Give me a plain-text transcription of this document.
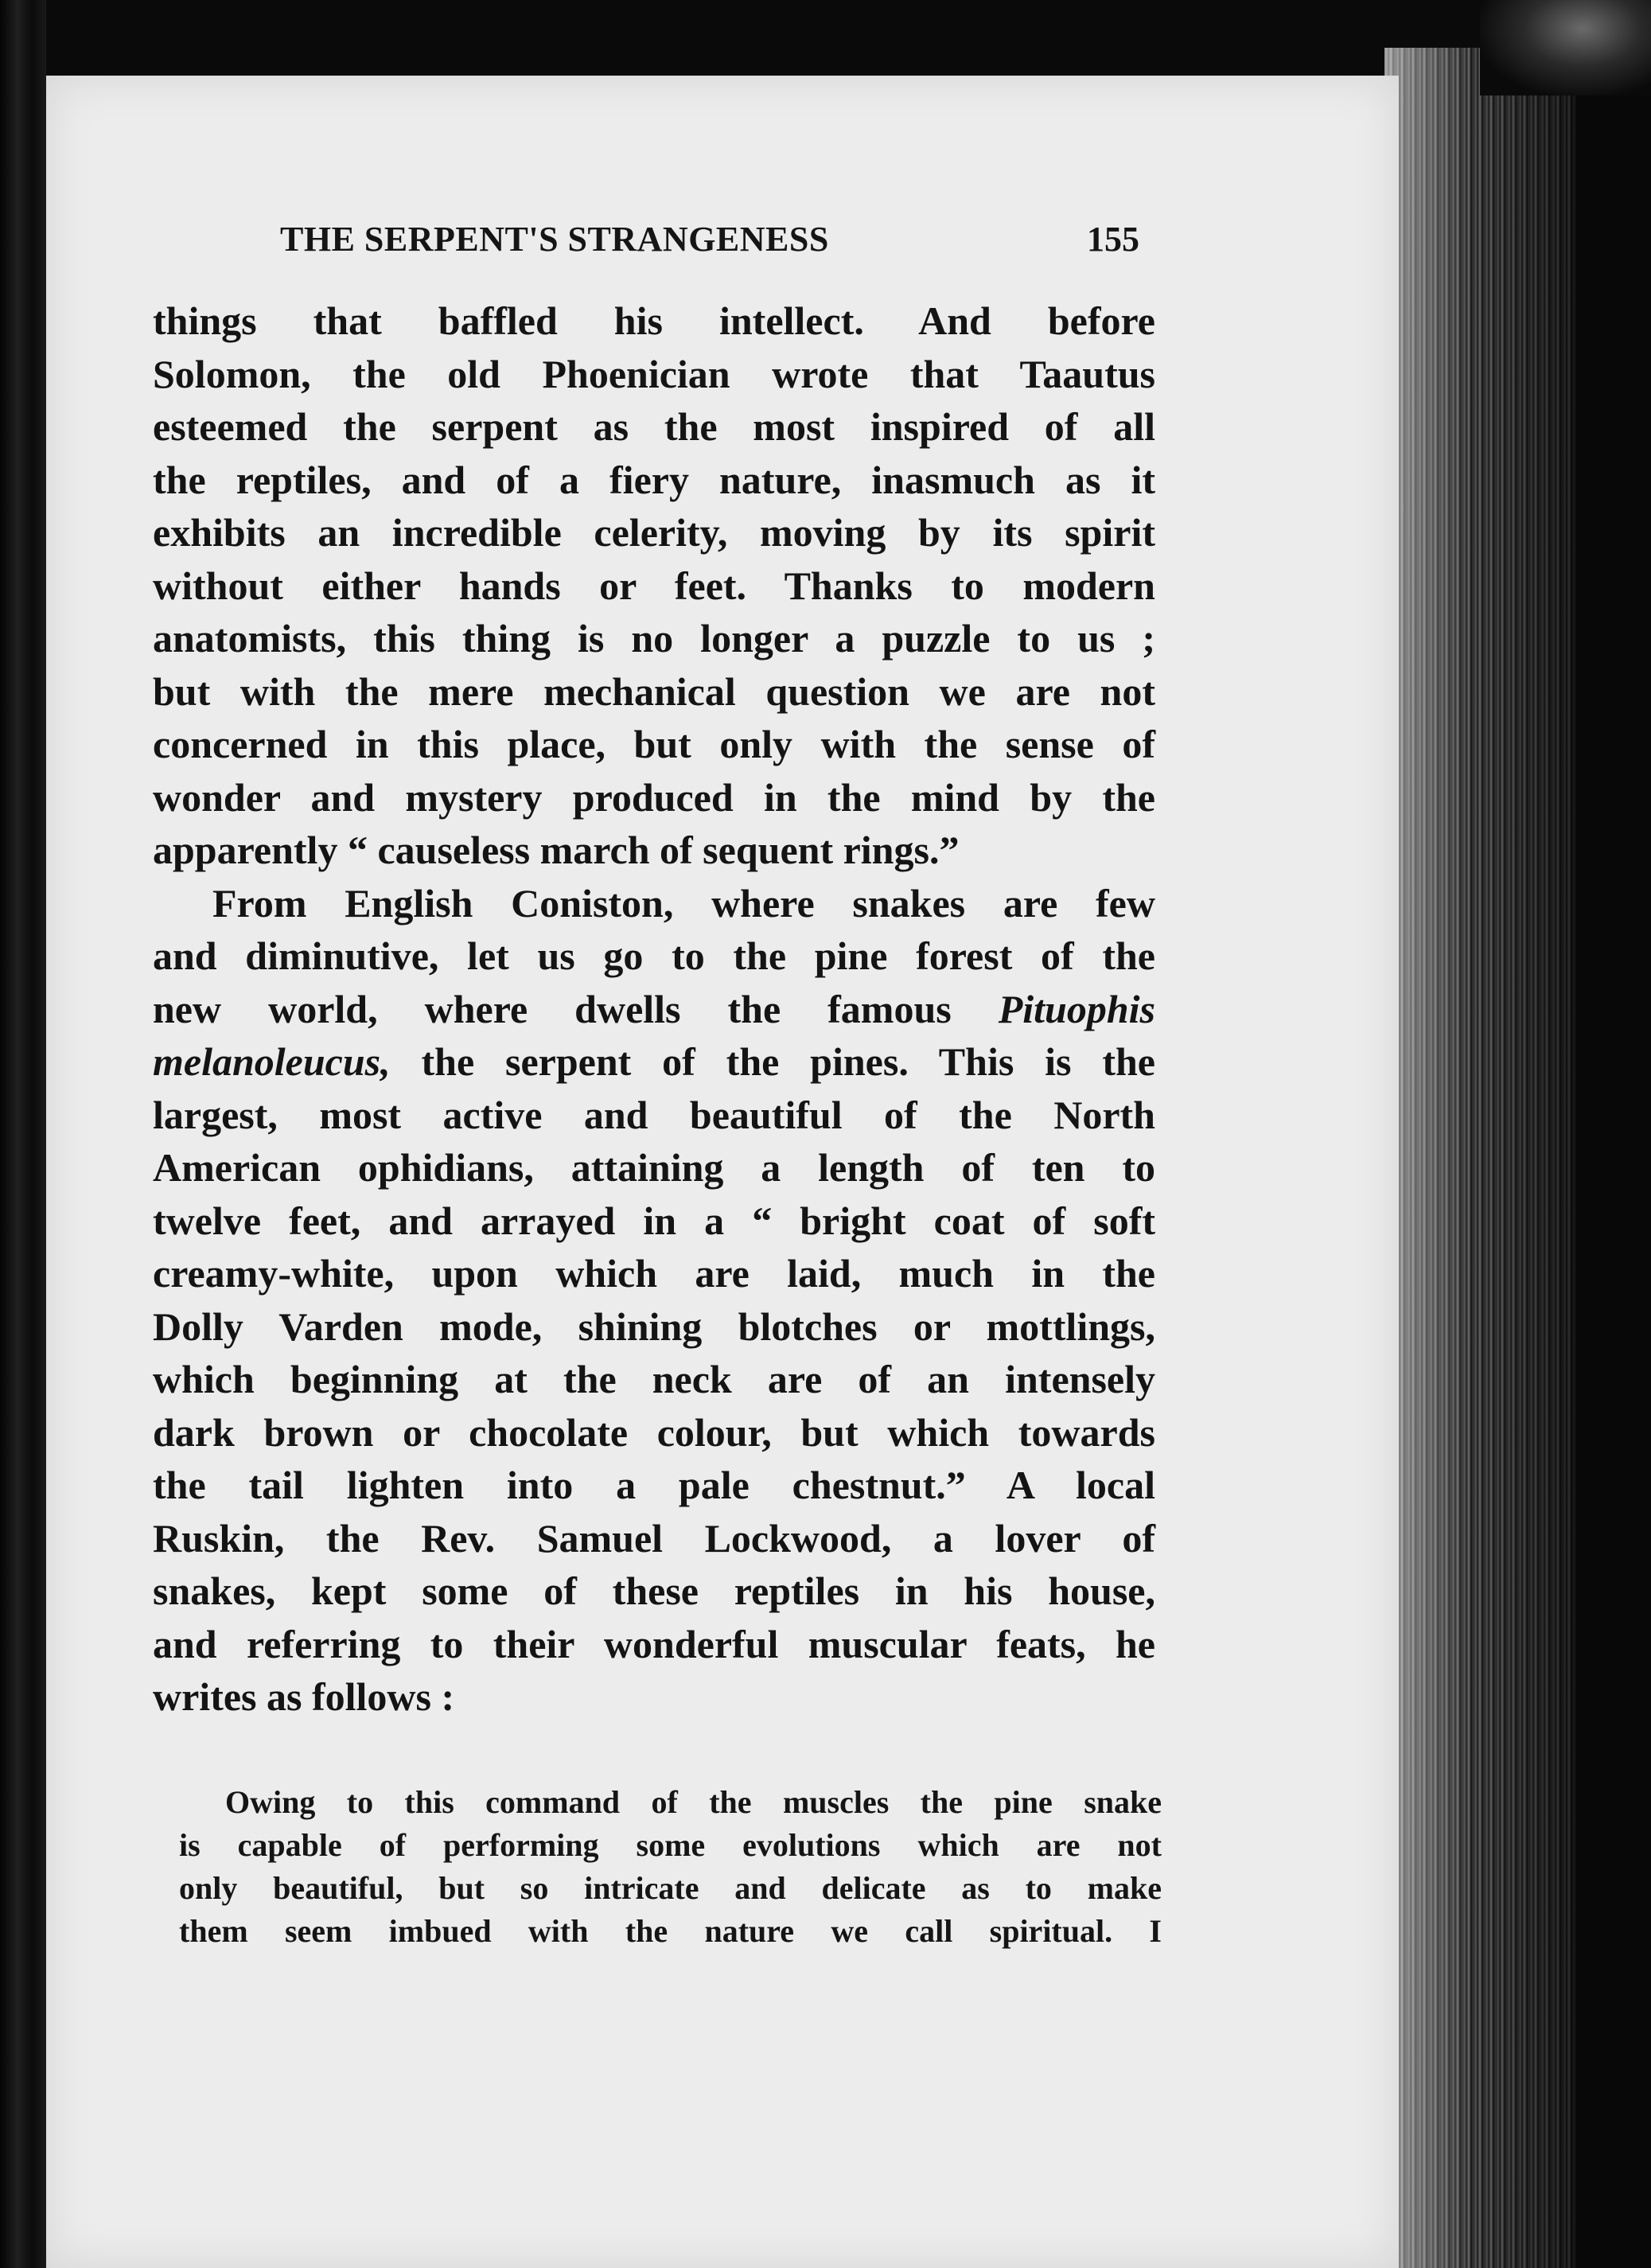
THE SERPENT'S STRANGENESS	155
things that baffled his intellect. And before
Solomon, the old Phoenician wrote that Taautus
esteemed the serpent as the most inspired of all
the reptiles, and of a fiery nature, inasmuch as it
exhibits an incredible celerity, moving by its spirit
without either hands or feet. Thanks to modern
anatomists, this thing is no longer a puzzle to us ;
but with the mere mechanical question we are not
concerned in this place, but only with the sense of
wonder and mystery produced in the mind by the
apparently “ causeless march of sequent rings.”
From English Coniston, where snakes are few
and diminutive, let us go to the pine forest of the
new world, where dwells the famous Pituophis
melanoleucus, the serpent of the pines. This is the
largest, most active and beautiful of the North
American ophidians, attaining a length of ten to
twelve feet, and arrayed in a “ bright coat of soft
creamy-white, upon which are laid, much in the
Dolly Varden mode, shining blotches or mottlings,
which beginning at the neck are of an intensely
dark brown or chocolate colour, but which towards
the tail lighten into a pale chestnut.” A local
Ruskin, the Rev. Samuel Lockwood, a lover of
snakes, kept some of these reptiles in his house,
and referring to their wonderful muscular feats, he
writes as follows :
Owing to this command of the muscles the pine snake
is capable of performing some evolutions which are not
only beautiful, but so intricate and delicate as to make
them seem imbued with the nature we call spiritual. I
